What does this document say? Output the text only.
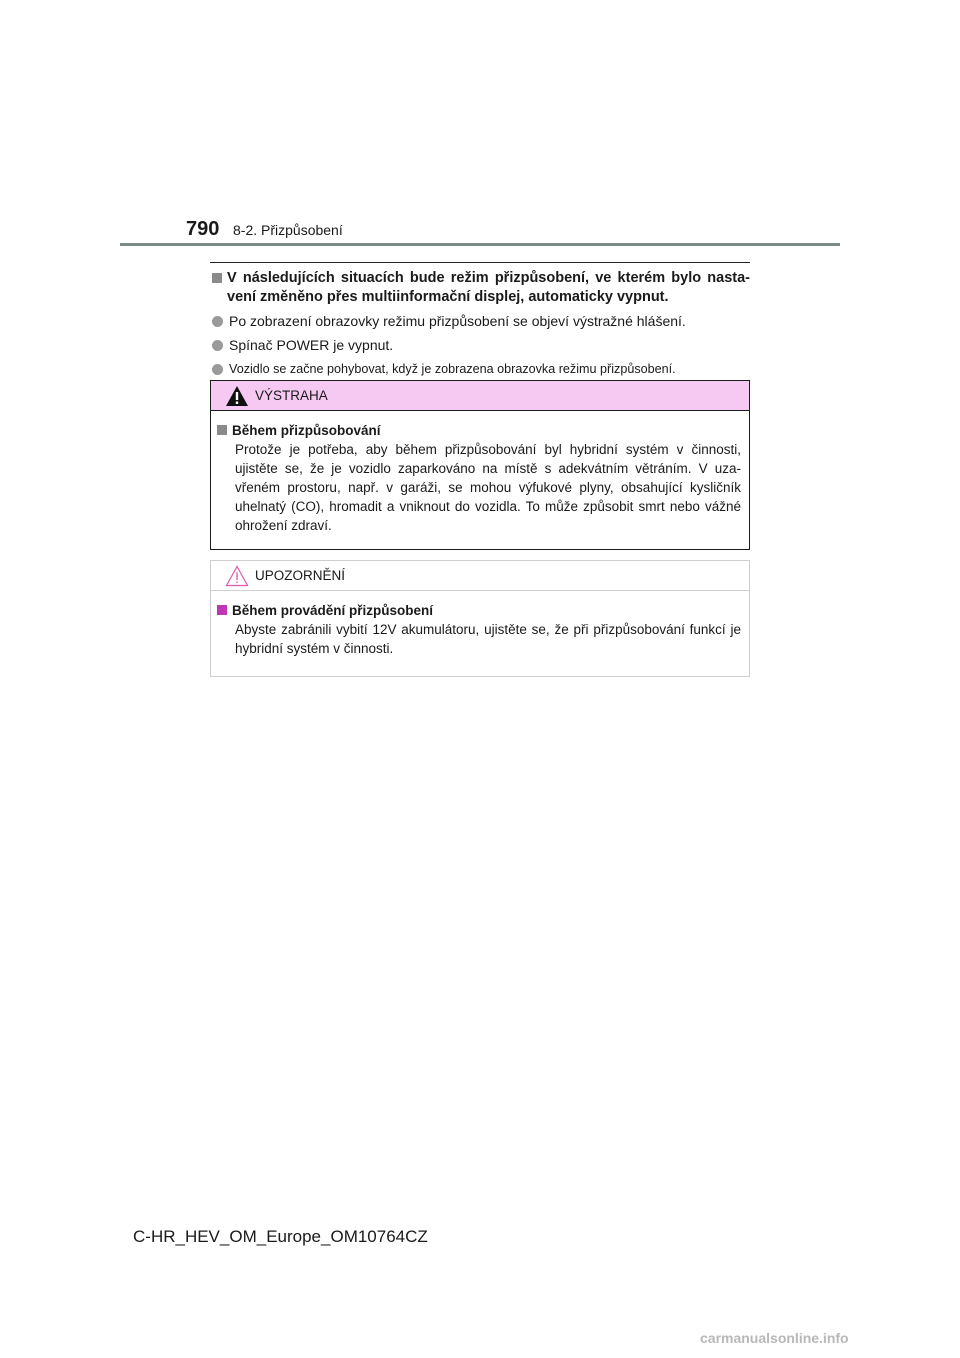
790 8-2. Přizpůsobení
V následujících situacích bude režim přizpůsobení, ve kterém bylo nasta-vení změněno přes multiinformační displej, automaticky vypnut.
Po zobrazení obrazovky režimu přizpůsobení se objeví výstražné hlášení.
Spínač POWER je vypnut.
Vozidlo se začne pohybovat, když je zobrazena obrazovka režimu přizpůsobení.
VÝSTRAHA
Během přizpůsobování
Protože je potřeba, aby během přizpůsobování byl hybridní systém v činnosti, ujistěte se, že je vozidlo zaparkováno na místě s adekvátním větráním. V uza-vřeném prostoru, např. v garáži, se mohou výfukové plyny, obsahující kysličník uhelnatý (CO), hromadit a vniknout do vozidla. To může způsobit smrt nebo vážné ohrožení zdraví.
UPOZORNĚNÍ
Během provádění přizpůsobení
Abyste zabránili vybití 12V akumulátoru, ujistěte se, že při přizpůsobování funkcí je hybridní systém v činnosti.
C-HR_HEV_OM_Europe_OM10764CZ
carmanualsonline.info
